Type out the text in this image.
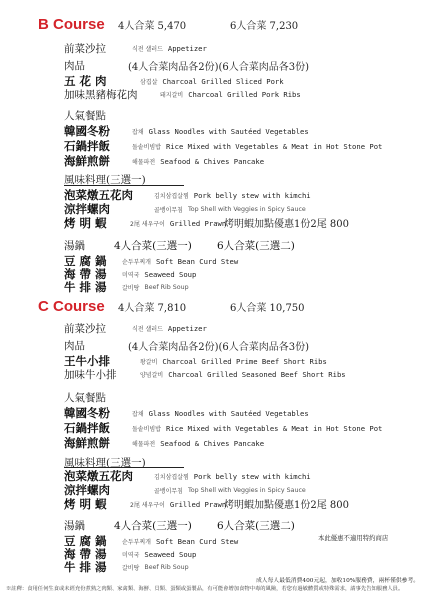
B Course	4人合菜 5,470	6人合菜 7,230
前菜沙拉	식전 샐러드 Appetizer
肉品	(4人合菜肉品各2份)(6人合菜肉品各3份)
五 花 肉	삼겹살 Charcoal Grilled Sliced Pork
加味黑豬梅花肉	돼지갈비 Charcoal Grilled Pork Ribs
人氣餐點
韓國冬粉	잡채 Glass Noodles with Sautéed Vegetables
石鍋拌飯	돌솥비빔밥 Rice Mixed with Vegetables & Meat in Hot Stone Pot
海鮮煎餅	해물파전 Seafood & Chives Pancake
風味料理(三選一)
泡菜燉五花肉	김치삼겹살찜 Pork belly stew with kimchi
涼拌螺肉	골뱅이무침 Top Shell with Veggies in Spicy Sauce
烤 明 蝦	2尾 새우구이 Grilled Prawn
烤明蝦加點優惠1份2尾 800
湯鍋	4人合菜(三選一)	6人合菜(三選二)
豆 腐 鍋	순두부찌개 Soft Bean Curd Stew
海 帶 湯	미역국 Seaweed Soup
牛 排 湯	갈비탕 Beef Rib Soup
C Course	4人合菜 7,810	6人合菜 10,750
前菜沙拉	식전 샐러드 Appetizer
肉品	(4人合菜肉品各2份)(6人合菜肉品各3份)
王牛小排	왕갈비 Charcoal Grilled Prime Beef Short Ribs
加味牛小排	양념갈비 Charcoal Grilled Seasoned Beef Short Ribs
人氣餐點
韓國冬粉	잡채 Glass Noodles with Sautéed Vegetables
石鍋拌飯	돌솥비빔밥 Rice Mixed with Vegetables & Meat in Hot Stone Pot
海鮮煎餅	해물파전 Seafood & Chives Pancake
風味料理(三選一)
泡菜燉五花肉	김치삼겹살찜 Pork belly stew with kimchi
涼拌螺肉	골뱅이무침 Top Shell with Veggies in Spicy Sauce
烤 明 蝦	2尾 새우구이 Grilled Prawn
烤明蝦加點優惠1份2尾 800
湯鍋	4人合菜(三選一)	6人合菜(三選二)
豆 腐 鍋	순두부찌개 Soft Bean Curd Stew
海 帶 湯	미역국 Seaweed Soup
牛 排 湯	갈비탕 Beef Rib Soup
本此優惠不適用特約商店
成人每人最低消費400元起，加收10%服務費，兩杯僅供參考。
※註釋：食用任何生食或未經充份煮熟之肉類、家禽類、海鮮、貝類、蛋類或蛋製品，有可能會增加食物中毒的風險，若您有過敏體質或特殊需求，請事先告知服務人員。
